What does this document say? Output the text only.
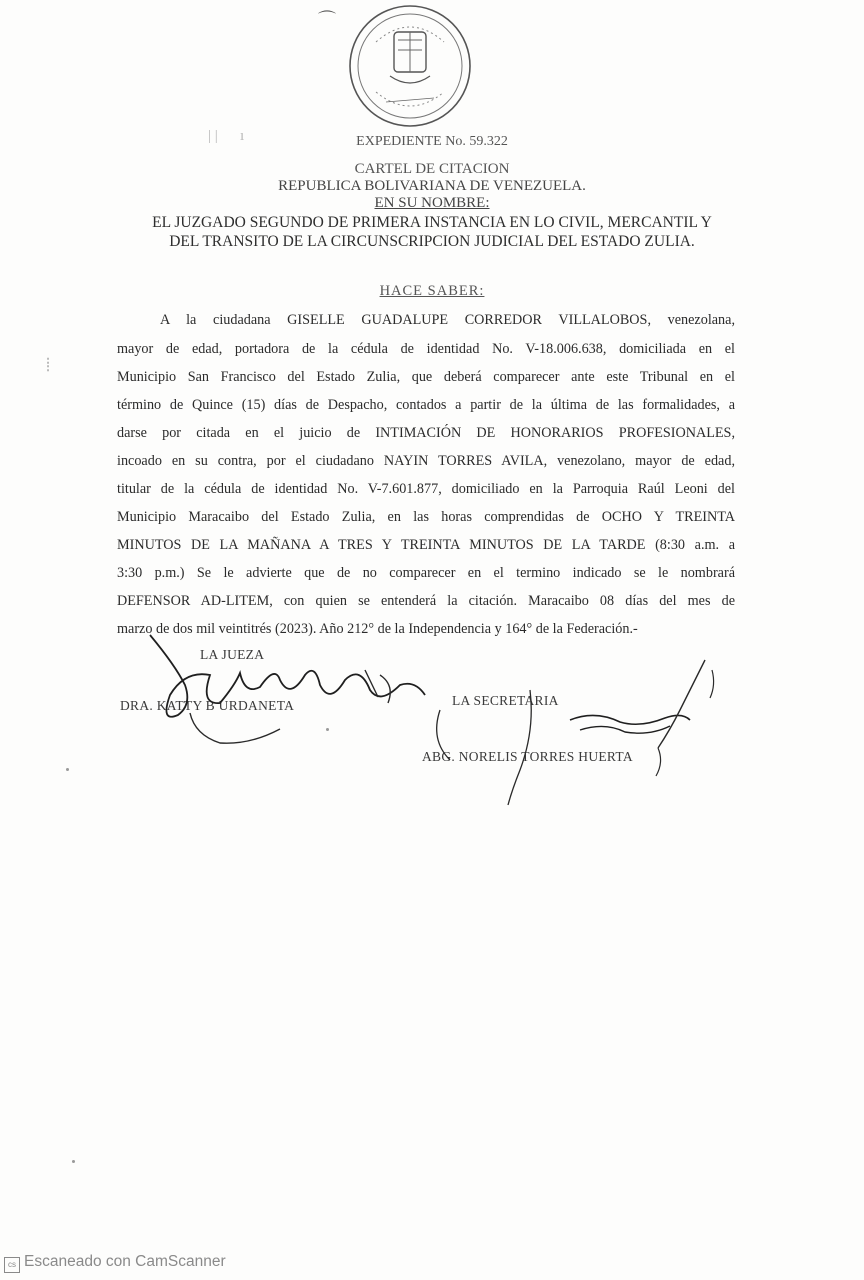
⌒
| | ı
⦙
EXPEDIENTE No. 59.322
CARTEL DE CITACION
REPUBLICA BOLIVARIANA DE VENEZUELA.
EN SU NOMBRE:
EL JUZGADO SEGUNDO DE PRIMERA INSTANCIA EN LO CIVIL, MERCANTIL Y
DEL TRANSITO DE LA CIRCUNSCRIPCION JUDICIAL DEL ESTADO ZULIA.
HACE SABER:
A la ciudadana GISELLE GUADALUPE CORREDOR VILLALOBOS, venezolana,
mayor de edad, portadora de la cédula de identidad No. V-18.006.638, domiciliada en el
Municipio San Francisco del Estado Zulia, que deberá comparecer ante este Tribunal en el
término de Quince (15) días de Despacho, contados a partir de la última de las formalidades, a
darse por citada en el juicio de INTIMACIÓN DE HONORARIOS PROFESIONALES,
incoado en su contra, por el ciudadano NAYIN TORRES AVILA, venezolano, mayor de edad,
titular de la cédula de identidad No. V-7.601.877, domiciliado en la Parroquia Raúl Leoni del
Municipio Maracaibo del Estado Zulia, en las horas comprendidas de OCHO Y TREINTA
MINUTOS DE LA MAÑANA A TRES Y TREINTA MINUTOS DE LA TARDE (8:30 a.m. a
3:30 p.m.) Se le advierte que de no comparecer en el termino indicado se le nombrará
DEFENSOR AD-LITEM, con quien se entenderá la citación. Maracaibo 08 días del mes de
marzo de dos mil veintitrés (2023). Año 212° de la Independencia y 164° de la Federación.-
LA JUEZA
DRA. KATTY B URDANETA	LA SECRETARIA
ABG. NORELIS TORRES HUERTA
cs Escaneado con CamScanner
